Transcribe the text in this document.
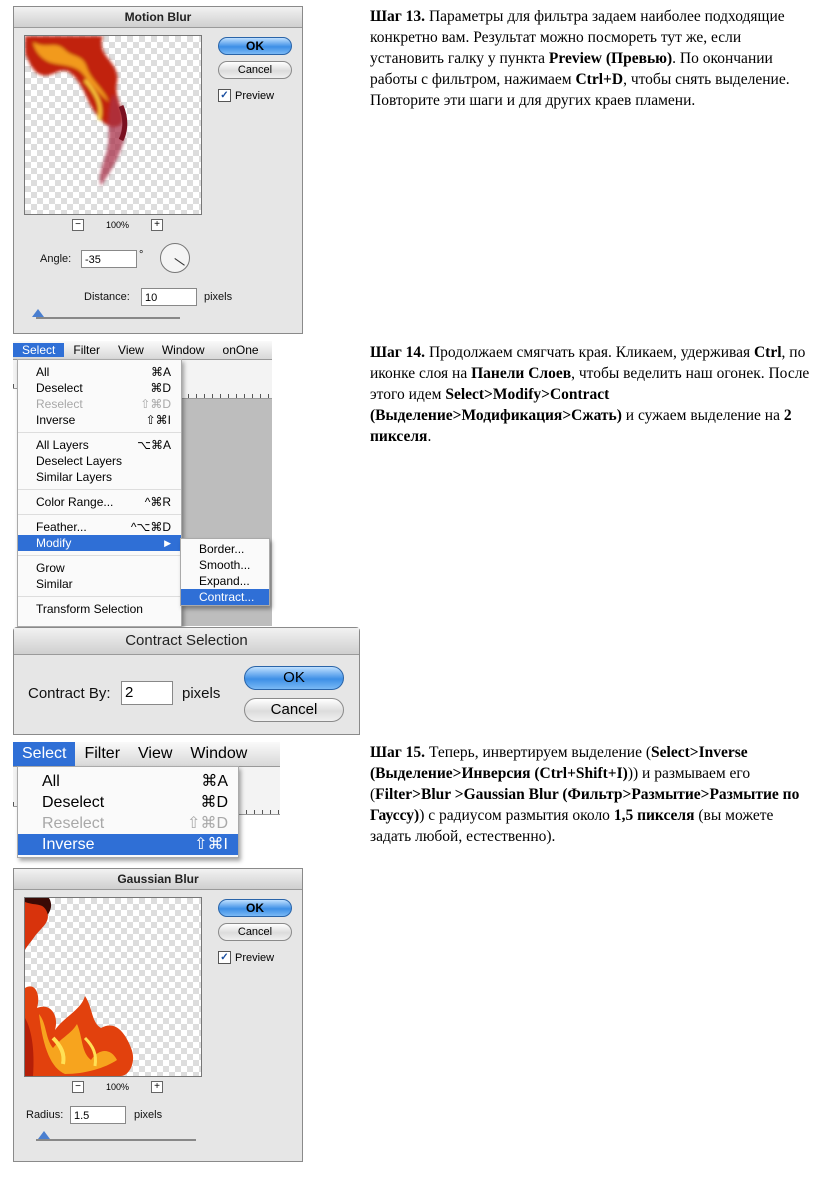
Motion Blur
OK
Cancel
✓ Preview
−	100%	+
Angle:	-35	°
Distance:	10	pixels
Select	Filter	View	Window	onOne
All	⌘A
Deselect	⌘D
Reselect	⇧⌘D
Inverse	⇧⌘I
All Layers	⌥⌘A
Deselect Layers
Similar Layers
Color Range...	^⌘R
Feather...	^⌥⌘D
Modify	▶
Grow
Similar
Transform Selection
Border...
Smooth...
Expand...
Contract...
Contract Selection
Contract By: 2	pixels
OK
Cancel
Select	Filter	View	Window
All	⌘A
Deselect	⌘D
Reselect	⇧⌘D
Inverse	⇧⌘I
Gaussian Blur
OK
Cancel
✓ Preview
−	100%	+
Radius: 1.5	pixels
Шаг 13. Параметры для фильтра задаем наиболее подходящие конкретно вам. Результат можно посмореть тут же, если установить галку у пункта Preview (Превью). По окончании работы с фильтром, нажимаем Ctrl+D, чтобы снять выделение. Повторите эти шаги и для других краев пламени.
Шаг 14. Продолжаем смягчать края. Кликаем, удерживая Ctrl, по иконке слоя на Панели Слоев, чтобы веделить наш огонек. После этого идем Select>Modify>Contract (Выделение>Модификация>Сжать) и сужаем выделение на 2 пикселя.
Шаг 15. Теперь, инвертируем выделение (Select>Inverse (Выделение>Инверсия (Ctrl+Shift+I))) и размываем его (Filter>Blur >Gaussian Blur (Фильтр>Размытие>Размытие по Гауссу)) с радиусом размытия около 1,5 пикселя (вы можете задать любой, естественно).
